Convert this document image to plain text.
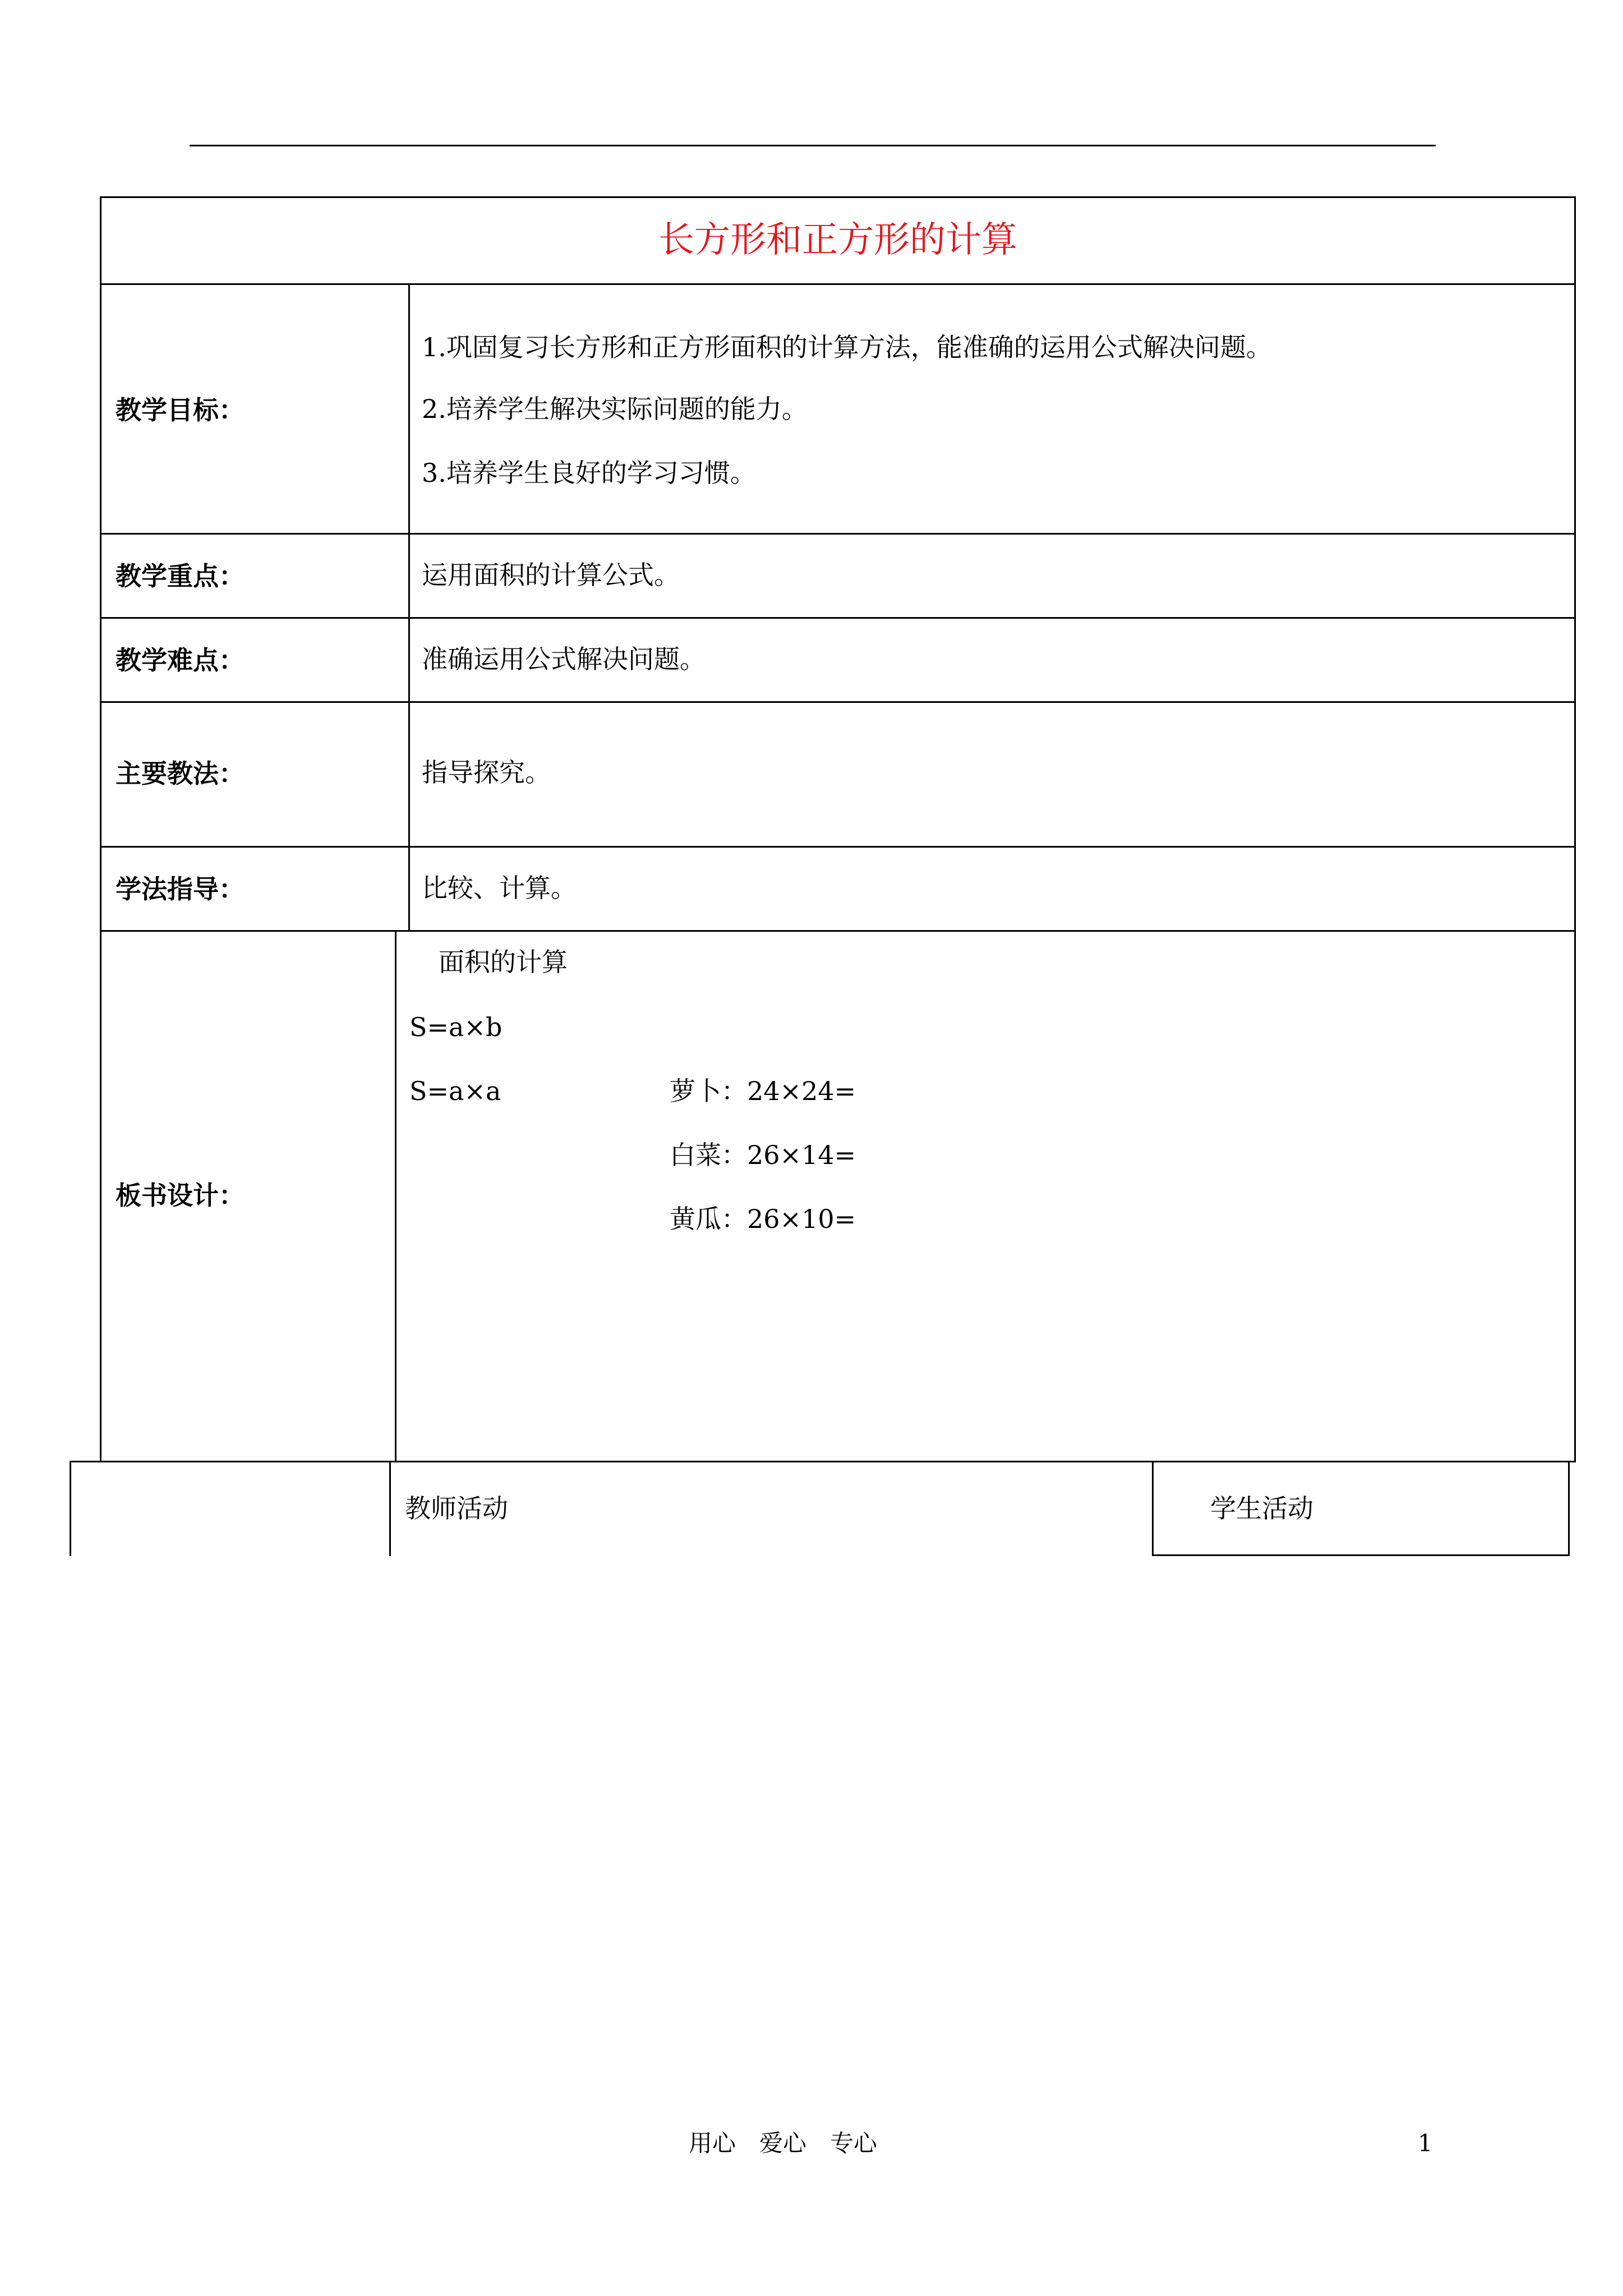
长方形和正方形的计算
教学目标：
1.巩固复习长方形和正方形面积的计算方法，能准确的运用公式解决问题。
2.培养学生解决实际问题的能力。
3.培养学生良好的学习习惯。
教学重点：	运用面积的计算公式。
教学难点：	准确运用公式解决问题。
主要教法：	指导探究。
学法指导：	比较、计算。
板书设计：
面积的计算
S=a×b
S=a×a	萝卜：24×24=
白菜：26×14=
黄瓜：26×10=
教师活动	学生活动
用心　爱心　专心	1
